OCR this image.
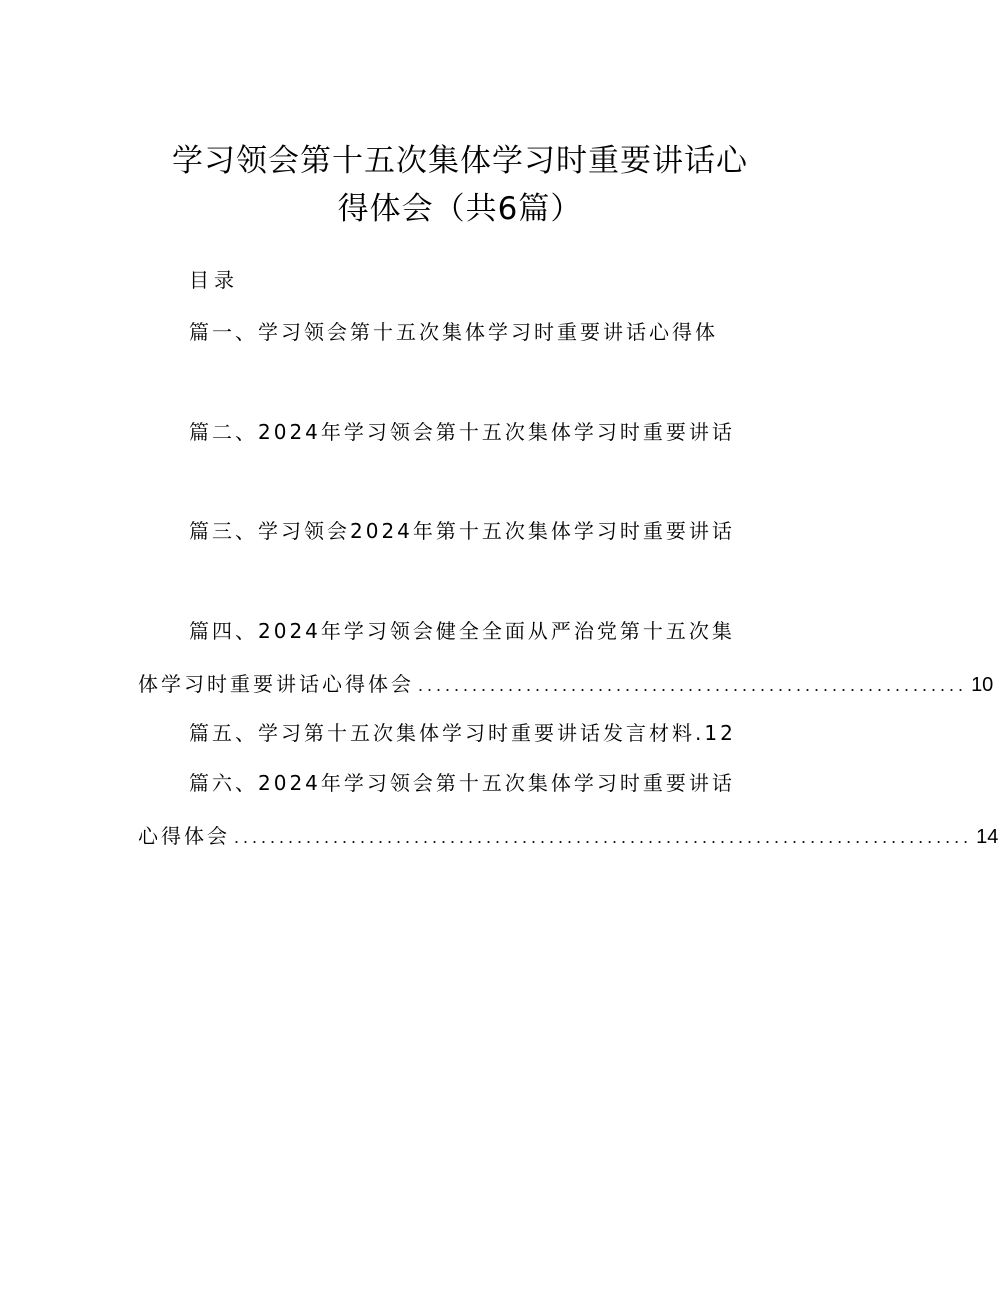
学习领会第十五次集体学习时重要讲话心
得体会（共6篇）
目录
篇一、学习领会第十五次集体学习时重要讲话心得体
篇二、2024年学习领会第十五次集体学习时重要讲话
篇三、学习领会2024年第十五次集体学习时重要讲话
篇四、2024年学习领会健全全面从严治党第十五次集
体学习时重要讲话心得体会 ............................................................. 10
篇五、学习第十五次集体学习时重要讲话发言材料.12
篇六、2024年学习领会第十五次集体学习时重要讲话
心得体会 .................................................................................. 14
